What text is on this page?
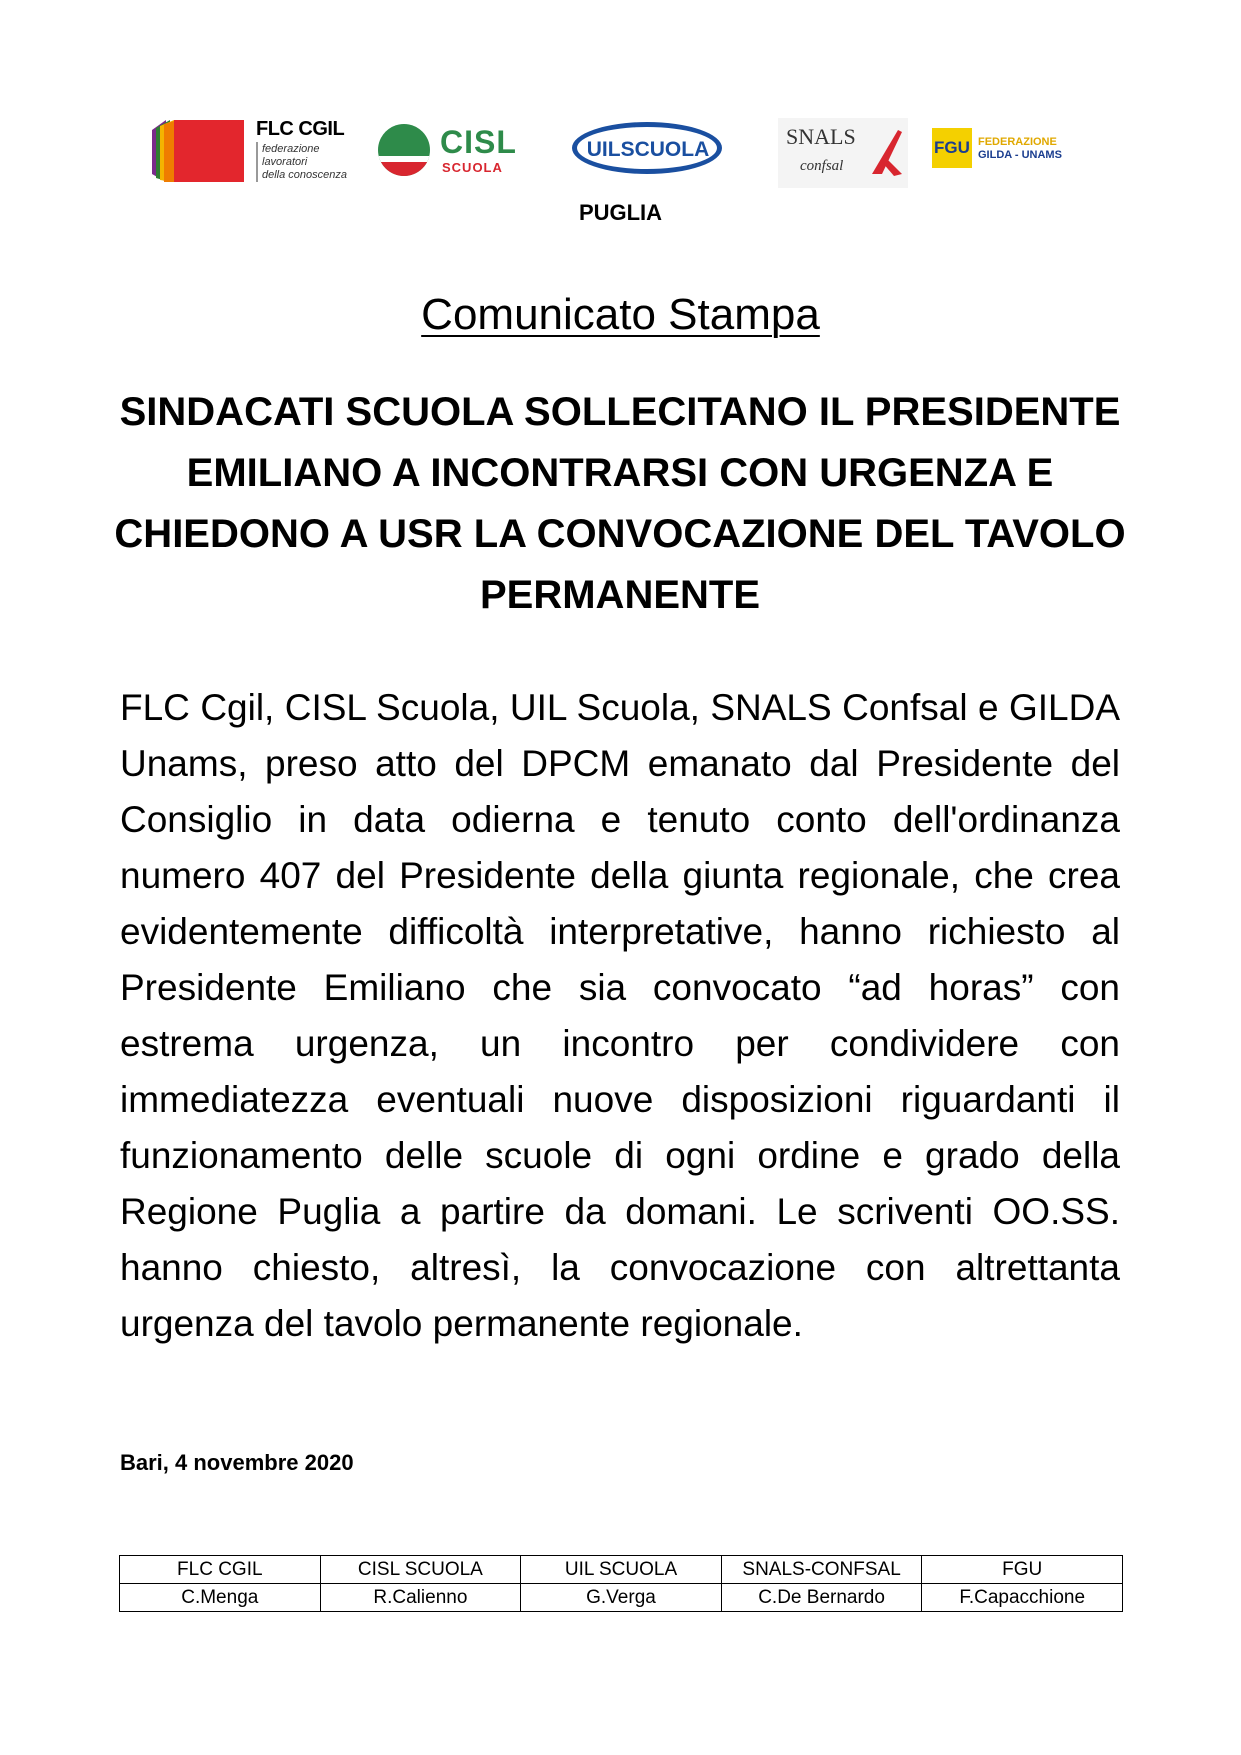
FLC CGIL
federazione
lavoratori
della conoscenza
CISL
SCUOLA
UILSCUOLA
SNALS
confsal
FGU FEDERAZIONE
GILDA - UNAMS
PUGLIA
Comunicato Stampa
SINDACATI SCUOLA SOLLECITANO IL PRESIDENTE EMILIANO A INCONTRARSI CON URGENZA E CHIEDONO A USR LA CONVOCAZIONE DEL TAVOLO PERMANENTE
FLC Cgil, CISL Scuola, UIL Scuola, SNALS Confsal e GILDA Unams, preso atto del DPCM emanato dal Presidente del Consiglio in data odierna e tenuto conto dell'ordinanza numero 407 del Presidente della giunta regionale, che crea evidentemente difficoltà interpretative, hanno richiesto al Presidente Emiliano che sia convocato “ad horas” con estrema urgenza, un incontro per condividere con immediatezza eventuali nuove disposizioni riguardanti il funzionamento delle scuole di ogni ordine e grado della Regione Puglia a partire da domani. Le scriventi OO.SS. hanno chiesto, altresì, la convocazione con altrettanta urgenza del tavolo permanente regionale.
Bari, 4 novembre 2020
FLC CGIL	CISL SCUOLA	UIL SCUOLA	SNALS-CONFSAL	FGU
C.Menga	R.Calienno	G.Verga	C.De Bernardo	F.Capacchione
